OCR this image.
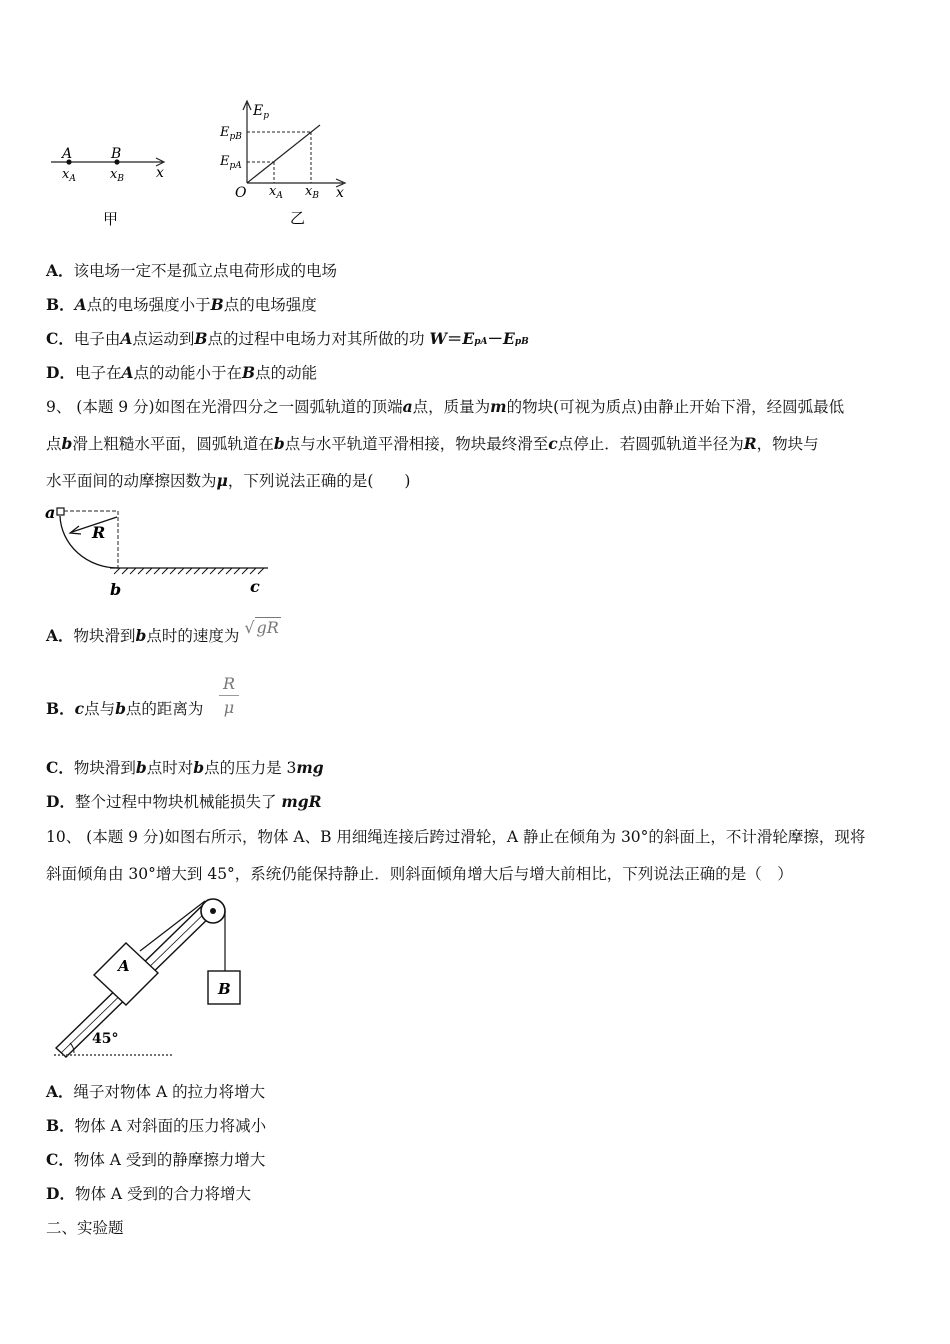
A	B
$x_A$	$x_B$ x
甲
$E_p$
$E_{pB}$
$E_{pA}$
O $x_A$ $x_B$ x
乙
A．该电场一定不是孤立点电荷形成的电场
B．A点的电场强度小于B点的电场强度
C．电子由A点运动到B点的过程中电场力对其所做的功 W＝EpA－EpB
D．电子在A点的动能小于在B点的动能
9、 (本题 9 分)如图在光滑四分之一圆弧轨道的顶端a点，质量为m的物块(可视为质点)由静止开始下滑，经圆弧最低
点b滑上粗糙水平面，圆弧轨道在b点与水平轨道平滑相接，物块最终滑至c点停止．若圆弧轨道半径为R，物块与
水平面间的动摩擦因数为μ，下列说法正确的是(　　)
a
R
b	c
A．物块滑到b点时的速度为 √ gR
B．c点与b点的距离为
R
μ
C．物块滑到b点时对b点的压力是 3mg
D．整个过程中物块机械能损失了 mgR
10、 (本题 9 分)如图右所示，物体 A、B 用细绳连接后跨过滑轮，A 静止在倾角为 30°的斜面上，不计滑轮摩擦，现将
斜面倾角由 30°增大到 45°，系统仍能保持静止．则斜面倾角增大后与增大前相比，下列说法正确的是（　）
A
B
45°
A．绳子对物体 A 的拉力将增大
B．物体 A 对斜面的压力将减小
C．物体 A 受到的静摩擦力增大
D．物体 A 受到的合力将增大
二、实验题
